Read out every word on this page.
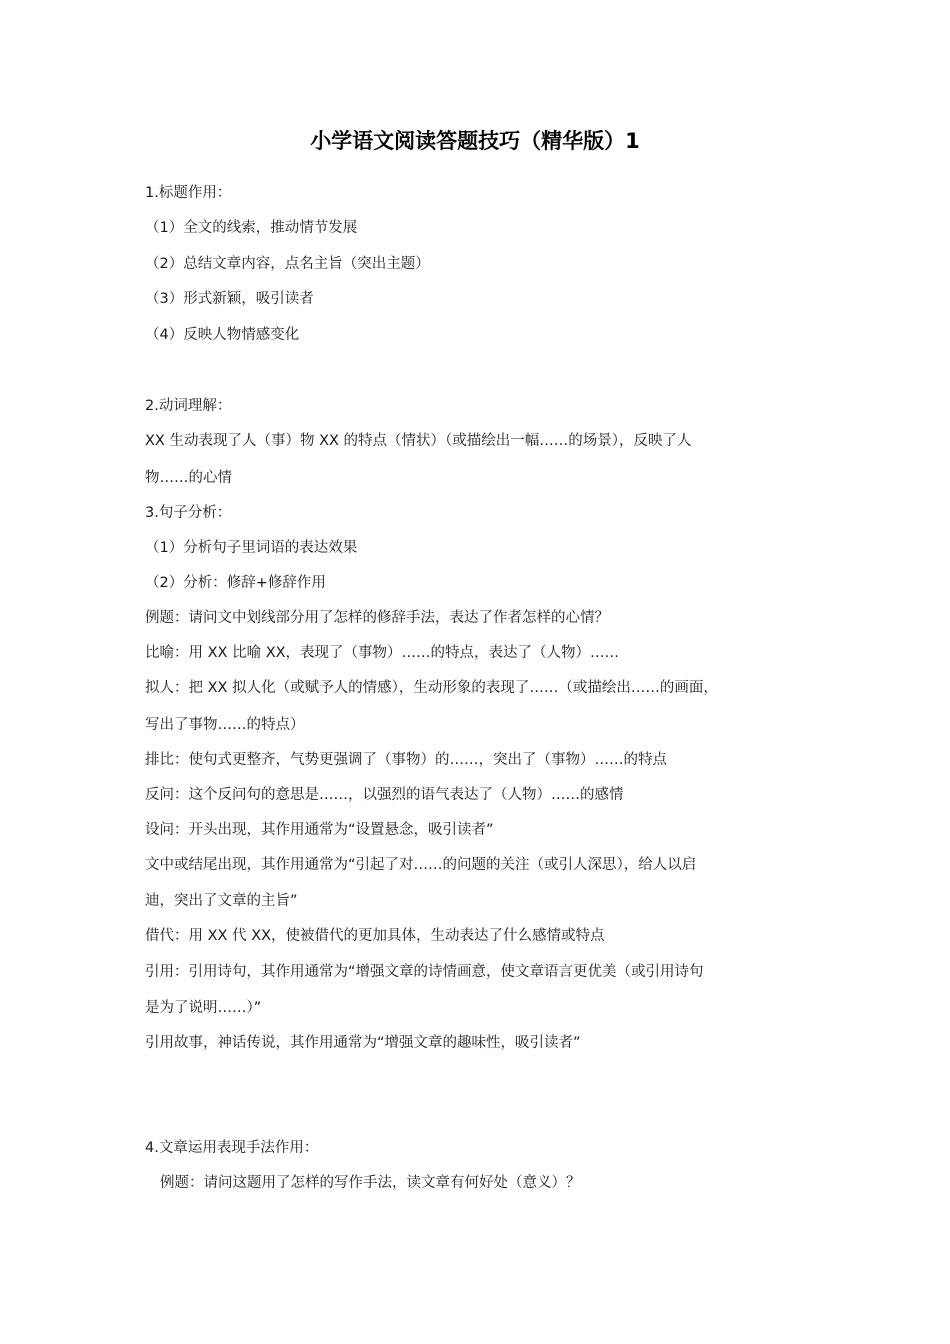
小学语文阅读答题技巧（精华版）1
1.标题作用：
（1）全文的线索，推动情节发展
（2）总结文章内容，点名主旨（突出主题）
（3）形式新颖，吸引读者
（4）反映人物情感变化
2.动词理解：
XX 生动表现了人（事）物 XX 的特点（情状）（或描绘出一幅……的场景），反映了人
物……的心情
3.句子分析：
（1）分析句子里词语的表达效果
（2）分析：修辞+修辞作用
例题：请问文中划线部分用了怎样的修辞手法，表达了作者怎样的心情？
比喻：用 XX 比喻 XX，表现了（事物）……的特点，表达了（人物）……
拟人：把 XX 拟人化（或赋予人的情感），生动形象的表现了……（或描绘出……的画面，
写出了事物……的特点）
排比：使句式更整齐，气势更强调了（事物）的……，突出了（事物）……的特点
反问：这个反问句的意思是……，以强烈的语气表达了（人物）……的感情
设问：开头出现，其作用通常为“设置悬念，吸引读者”
文中或结尾出现，其作用通常为“引起了对……的问题的关注（或引人深思），给人以启
迪，突出了文章的主旨”
借代：用 XX 代 XX，使被借代的更加具体，生动表达了什么感情或特点
引用：引用诗句，其作用通常为“增强文章的诗情画意，使文章语言更优美（或引用诗句
是为了说明……）”
引用故事，神话传说，其作用通常为“增强文章的趣味性，吸引读者”
4.文章运用表现手法作用：
例题：请问这题用了怎样的写作手法，读文章有何好处（意义）？
